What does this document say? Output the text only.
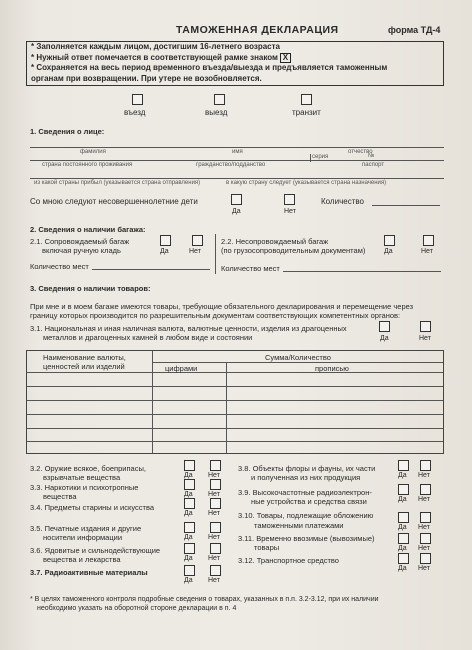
ТАМОЖЕННАЯ ДЕКЛАРАЦИЯ	форма ТД-4
* Заполняется каждым лицом, достигшим 16-летнего возраста
* Нужный ответ помечается в соответствующей рамке знаком X
* Сохраняется на весь период временного въезда/выезда и предъявляется таможенным
органам при возвращении. При утере не возобновляется.
въезд	выезд	транзит
1. Сведения о лице:
фамилия	имя	отчество
серия	№
страна постоянного проживания	гражданство/подданство	паспорт
из какой страны прибыл (указывается страна отправления)	в какую страну следует (указывается страна назначения)
Со мною следуют несовершеннолетние дети
Да	Нет
Количество
2. Сведения о наличии багажа:
2.1. Сопровождаемый багаж
включая ручную кладь	Да	Нет
2.2. Несопровождаемый багаж
(по грузосопроводительным документам)	Да	Нет
Количество мест	Количество мест
3. Сведения о наличии товаров:
При мне и в моем багаже имеются товары, требующие обязательного декларирования и перемещение через
границу которых производится по разрешительным документам соответствующих компетентных органов:
3.1. Национальная и иная наличная валюта, валютные ценности, изделия из драгоценных
металлов и драгоценных камней в любом виде и состоянии	Да	Нет
Наименование валюты,
ценностей или изделий
Сумма/Количество
цифрами	прописью
3.2. Оружие всякое, боеприпасы,
взрывчатые вещества	Да Нет
3.3. Наркотики и психотропные
вещества	Да Нет
3.4. Предметы старины и искусства
Да Нет
3.5. Печатные издания и другие
носители информации	Да Нет
3.6. Ядовитые и сильнодействующие
вещества и лекарства	Да Нет
3.7. Радиоактивные материалы
Да Нет
3.8. Объекты флоры и фауны, их части
и полученная из них продукция	Да Нет
3.9. Высокочастотные радиоэлектрон-
ные устройства и средства связи	Да Нет
3.10. Товары, подлежащие обложению
таможенными платежами	Да Нет
3.11. Временно ввозимые (вывозимые)
товары	Да Нет
3.12. Транспортное средство
Да Нет
* В целях таможенного контроля подробные сведения о товарах, указанных в п.п. 3.2-3.12, при их наличии
необходимо указать на оборотной стороне декларации в п. 4
